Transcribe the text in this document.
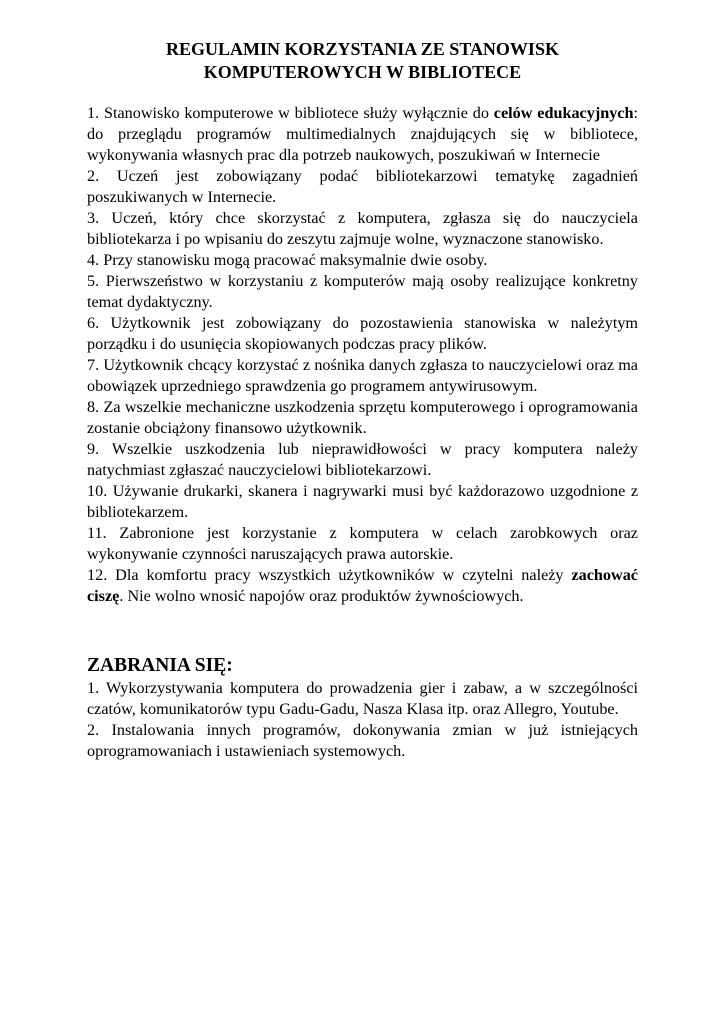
REGULAMIN KORZYSTANIA ZE STANOWISK
KOMPUTEROWYCH W BIBLIOTECE

1. Stanowisko komputerowe w bibliotece służy wyłącznie do celów edukacyjnych: do przeglądu programów multimedialnych znajdujących się w bibliotece, wykonywania własnych prac dla potrzeb naukowych, poszukiwań w Internecie

2. Uczeń jest zobowiązany podać bibliotekarzowi tematykę zagadnień poszukiwanych w Internecie.

3. Uczeń, który chce skorzystać z komputera, zgłasza się do nauczyciela bibliotekarza i po wpisaniu do zeszytu zajmuje wolne, wyznaczone stanowisko.

4. Przy stanowisku mogą pracować maksymalnie dwie osoby.

5. Pierwszeństwo w korzystaniu z komputerów mają osoby realizujące konkretny temat dydaktyczny.

6. Użytkownik jest zobowiązany do pozostawienia stanowiska w należytym porządku i do usunięcia skopiowanych podczas pracy plików.

7. Użytkownik chcący korzystać z nośnika danych zgłasza to nauczycielowi oraz ma obowiązek uprzedniego sprawdzenia go programem antywirusowym.

8. Za wszelkie mechaniczne uszkodzenia sprzętu komputerowego i oprogramowania zostanie obciążony finansowo użytkownik.

9. Wszelkie uszkodzenia lub nieprawidłowości w pracy komputera należy natychmiast zgłaszać nauczycielowi bibliotekarzowi.

10. Używanie drukarki, skanera i nagrywarki musi być każdorazowo uzgodnione z bibliotekarzem.

11. Zabronione jest korzystanie z komputera w celach zarobkowych oraz wykonywanie czynności naruszających prawa autorskie.

12. Dla komfortu pracy wszystkich użytkowników w czytelni należy zachować ciszę. Nie wolno wnosić napojów oraz produktów żywnościowych.

ZABRANIA SIĘ:

1. Wykorzystywania komputera do prowadzenia gier i zabaw, a w szczególności czatów, komunikatorów typu Gadu-Gadu, Nasza Klasa itp. oraz Allegro, Youtube.

2. Instalowania innych programów, dokonywania zmian w już istniejących oprogramowaniach i ustawieniach systemowych.
